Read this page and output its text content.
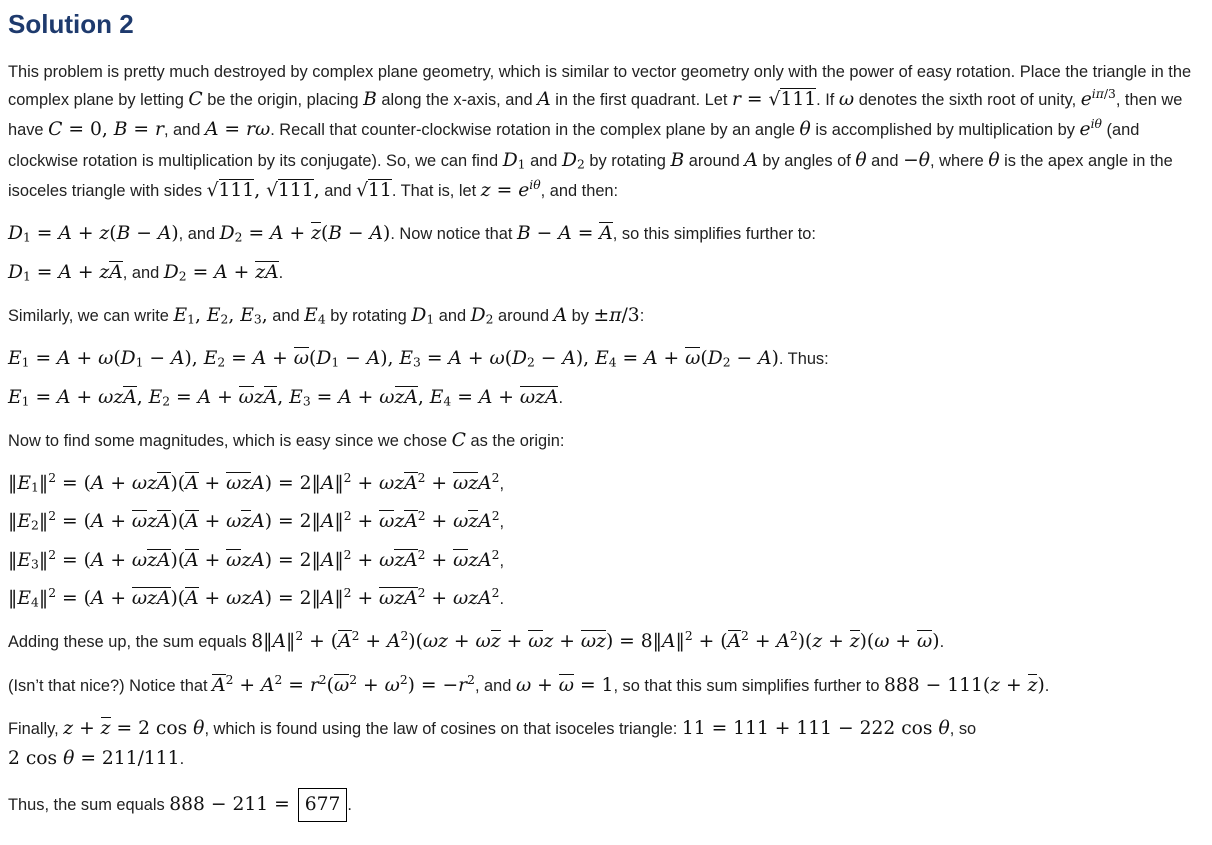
Solution 2

This problem is pretty much destroyed by complex plane geometry, which is similar to vector geometry only with the power of easy rotation. Place the triangle in the complex plane by letting C be the origin, placing B along the x-axis, and A in the first quadrant. Let r = √111. If ω denotes the sixth root of unity, $e^{i\pi/3}$, then we have C = 0, B = r, and A = rω. Recall that counter-clockwise rotation in the complex plane by an angle θ is accomplished by multiplication by $e^{i\theta}$ (and clockwise rotation is multiplication by its conjugate). So, we can find $D_1$ and $D_2$ by rotating B around A by angles of θ and −θ, where θ is the apex angle in the isoceles triangle with sides √111, √111, and √11. That is, let $z = e^{i\theta}$, and then:

$D_1 = A + z(B - A)$, and $D_2 = A + z(B - A)$. Now notice that B − A = A, so this simplifies further to:

$D_1 = A$ + zA, and $D_2 = A$ + zA.

Similarly, we can write $E_1$, $E_2$, $E_3$, and $E_4$ by rotating $D_1$ and $D_2$ around A by ±π/3:

$E_1 = A + \omega(D_1 - A)$, $E_2 = A + \omega(D_1 - A)$, $E_3 = A + \omega(D_2 - A)$, $E_4 = A + \omega(D_2 - A)$. Thus:

$E_1 = A + \omega zA$, $E_2 = A + \omega zA$, $E_3 = A + \omega zA$, $E_4 = A + \omega zA$.

Now to find some magnitudes, which is easy since we chose C as the origin:

$‖E_1‖^2 = (A + \omega zA)(A + \omega zA)$ = 2‖A‖$^2$ + ωzA$^2$ + ωzA$^2$,

$‖E_2‖^2 = (A + \omega zA)(A + \omega zA)$ = 2‖A‖$^2$ + ωzA$^2$ + ωzA$^2$,

$‖E_3‖^2 = (A + \omega zA)(A + \omega zA)$ = 2‖A‖$^2$ + ωzA$^2$ + ωzA$^2$,

$‖E_4‖^2 = (A + \omega zA)(A + \omega zA)$ = 2‖A‖$^2$ + ωzA$^2$ + ωzA$^2$.

Adding these up, the sum equals 8‖A‖$^2$ + $(A^2 + A^2)(\omega z + \omega z + \omega z + \omega z)$ = 8‖A‖$^2$ + $(A^2 + A^2)(z + z)(\omega + \omega)$.

(Isn’t that nice?) Notice that $A^2 + A^2 = r^2(\omega^2 + \omega^2) = -r^2$, and ω + ω = 1, so that this sum simplifies further to 888 − 111(z + z).

Finally, z + z = 2 cos θ, which is found using the law of cosines on that isoceles triangle: 11 = 111 + 111 − 222 cos θ, so
2 cos θ = 211/111.

Thus, the sum equals 888 − 211 = 677 .
